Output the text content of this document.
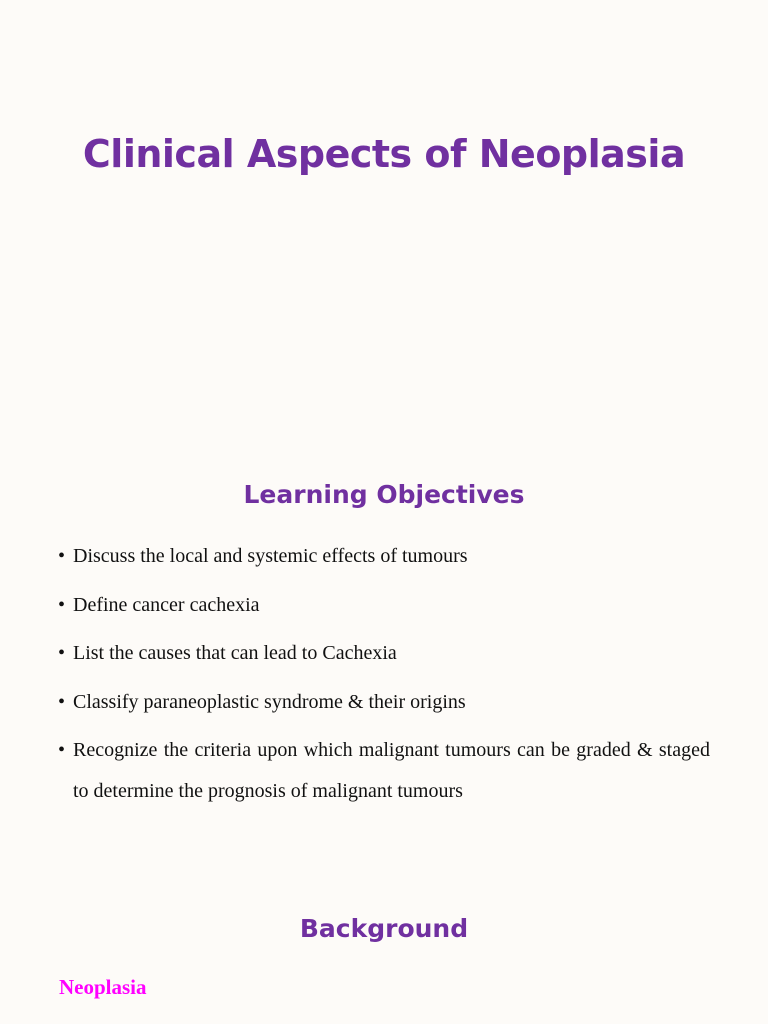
Clinical Aspects of Neoplasia
Learning Objectives
• Discuss the local and systemic effects of tumours
• Define cancer cachexia
• List the causes that can lead to Cachexia
• Classify paraneoplastic syndrome & their origins
• Recognize the criteria upon which malignant tumours can be graded & staged to determine the prognosis of malignant tumours
Background
Neoplasia
